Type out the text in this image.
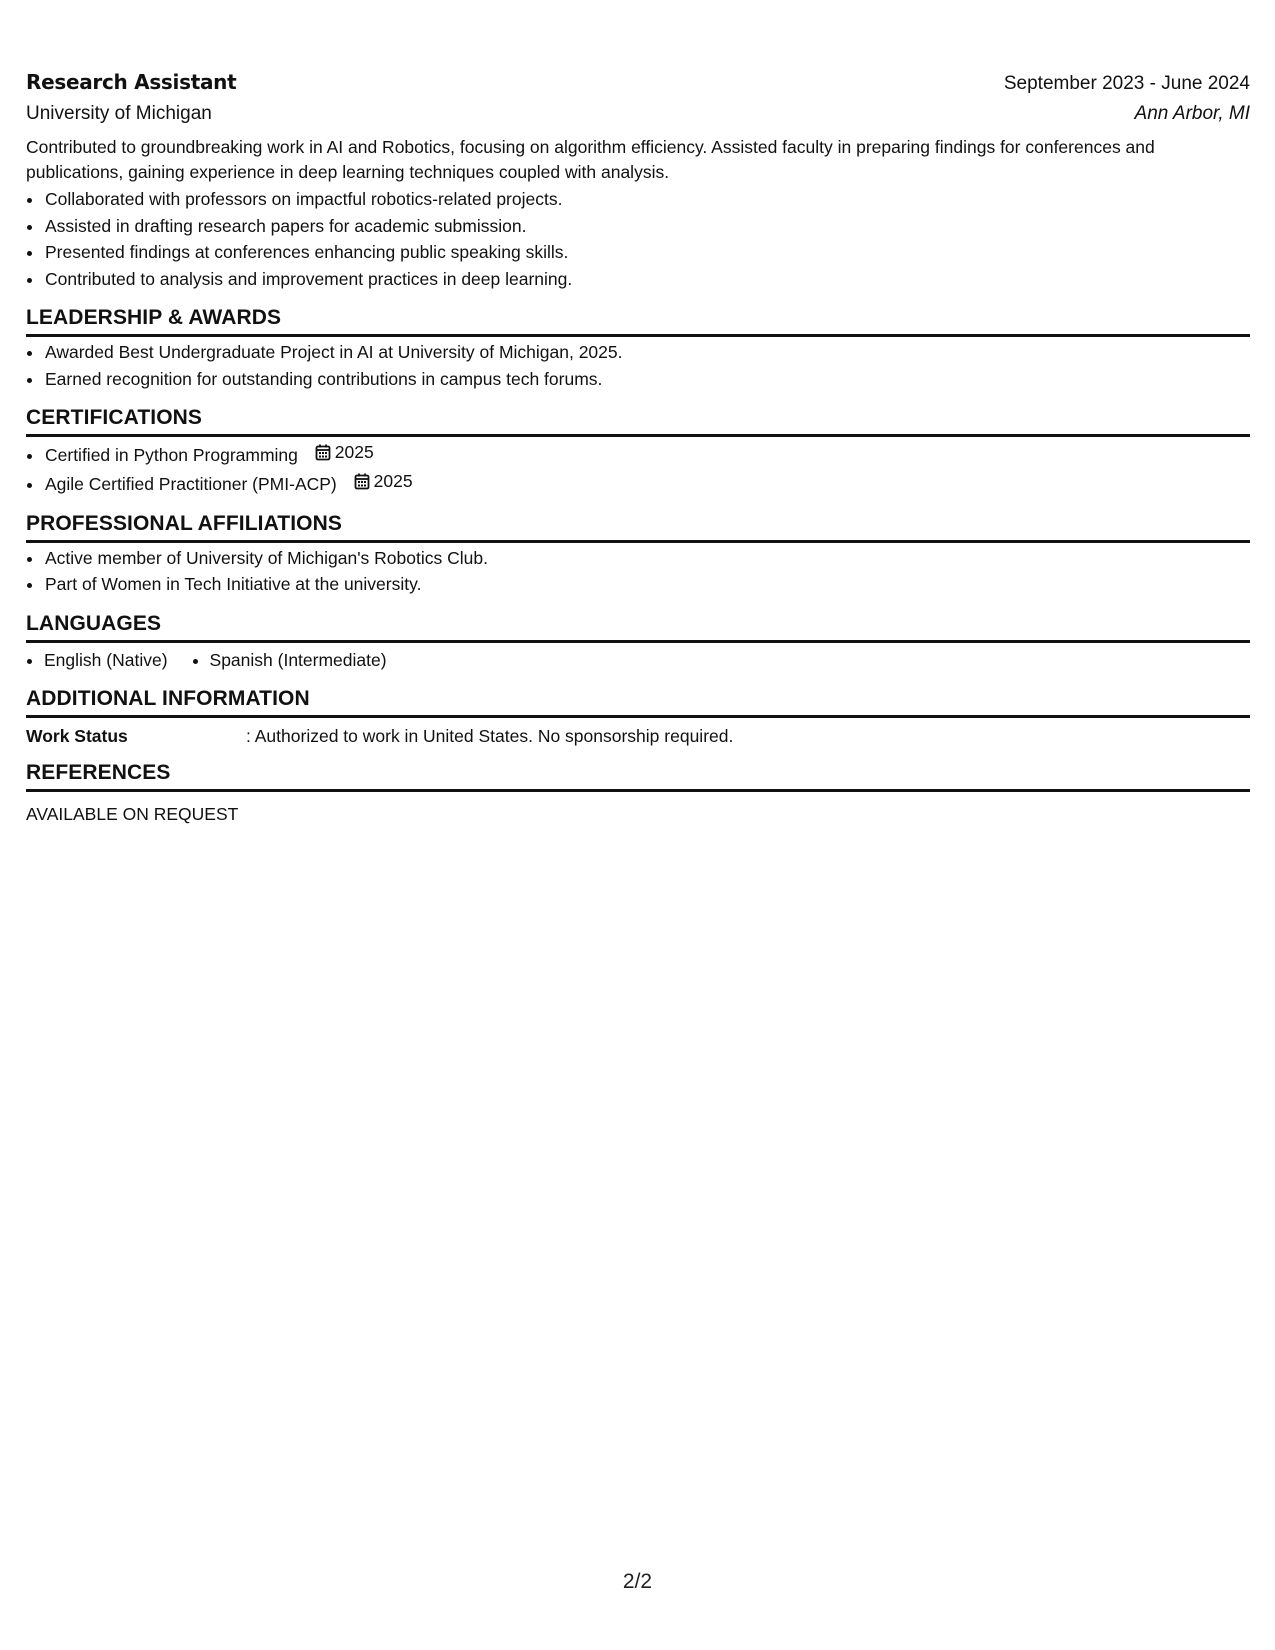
Research Assistant	September 2023 - June 2024
University of Michigan	Ann Arbor, MI
Contributed to groundbreaking work in AI and Robotics, focusing on algorithm efficiency. Assisted faculty in preparing findings for conferences and publications, gaining experience in deep learning techniques coupled with analysis.
• Collaborated with professors on impactful robotics-related projects.
• Assisted in drafting research papers for academic submission.
• Presented findings at conferences enhancing public speaking skills.
• Contributed to analysis and improvement practices in deep learning.
LEADERSHIP & AWARDS
• Awarded Best Undergraduate Project in AI at University of Michigan, 2025.
• Earned recognition for outstanding contributions in campus tech forums.
CERTIFICATIONS
• Certified in Python Programming 2025
• Agile Certified Practitioner (PMI-ACP) 2025
PROFESSIONAL AFFILIATIONS
• Active member of University of Michigan's Robotics Club.
• Part of Women in Tech Initiative at the university.
LANGUAGES
• English (Native)
• Spanish (Intermediate)
ADDITIONAL INFORMATION
Work Status	: Authorized to work in United States. No sponsorship required.
REFERENCES
AVAILABLE ON REQUEST
2/2
